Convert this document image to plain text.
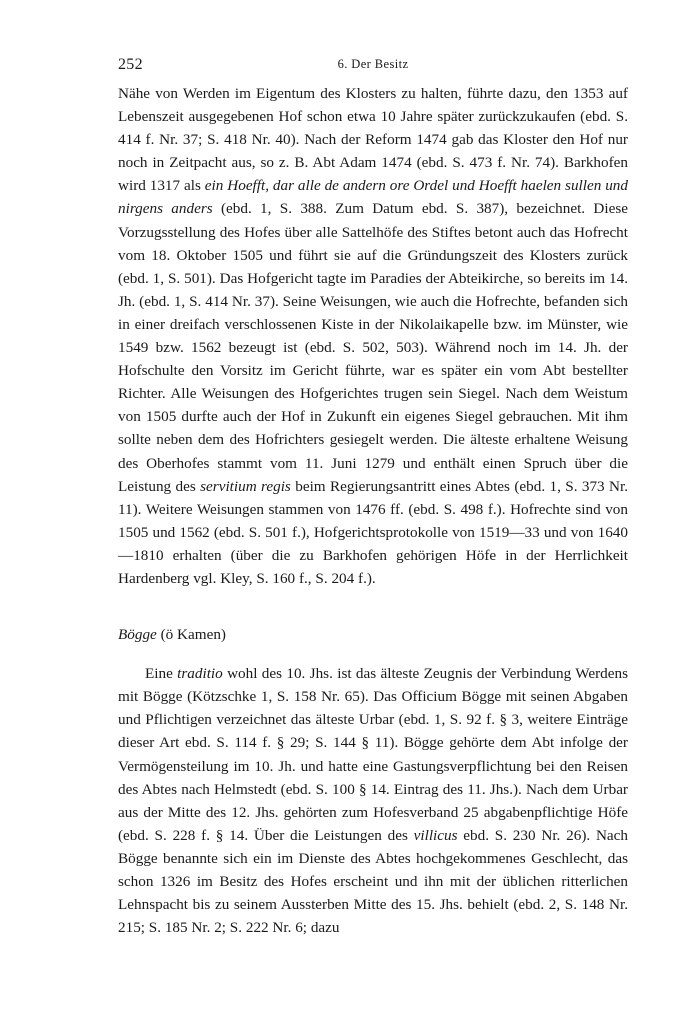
252	6. Der Besitz

Nähe von Werden im Eigentum des Klosters zu halten, führte dazu, den 1353 auf Lebenszeit ausgegebenen Hof schon etwa 10 Jahre später zurückzukaufen (ebd. S. 414 f. Nr. 37; S. 418 Nr. 40). Nach der Reform 1474 gab das Kloster den Hof nur noch in Zeitpacht aus, so z. B. Abt Adam 1474 (ebd. S. 473 f. Nr. 74). Barkhofen wird 1317 als ein Hoefft, dar alle de andern ore Ordel und Hoefft haelen sullen und nirgens anders (ebd. 1, S. 388. Zum Datum ebd. S. 387), bezeichnet. Diese Vorzugsstellung des Hofes über alle Sattelhöfe des Stiftes betont auch das Hofrecht vom 18. Oktober 1505 und führt sie auf die Gründungszeit des Klosters zurück (ebd. 1, S. 501). Das Hofgericht tagte im Paradies der Abteikirche, so bereits im 14. Jh. (ebd. 1, S. 414 Nr. 37). Seine Weisungen, wie auch die Hofrechte, befanden sich in einer dreifach verschlossenen Kiste in der Nikolaikapelle bzw. im Münster, wie 1549 bzw. 1562 bezeugt ist (ebd. S. 502, 503). Während noch im 14. Jh. der Hofschulte den Vorsitz im Gericht führte, war es später ein vom Abt bestellter Richter. Alle Weisungen des Hofgerichtes trugen sein Siegel. Nach dem Weistum von 1505 durfte auch der Hof in Zukunft ein eigenes Siegel gebrauchen. Mit ihm sollte neben dem des Hofrichters gesiegelt werden. Die älteste erhaltene Weisung des Oberhofes stammt vom 11. Juni 1279 und enthält einen Spruch über die Leistung des servitium regis beim Regierungsantritt eines Abtes (ebd. 1, S. 373 Nr. 11). Weitere Weisungen stammen von 1476 ff. (ebd. S. 498 f.). Hofrechte sind von 1505 und 1562 (ebd. S. 501 f.), Hofgerichtsprotokolle von 1519—33 und von 1640—1810 erhalten (über die zu Barkhofen gehörigen Höfe in der Herrlichkeit Hardenberg vgl. Kley, S. 160 f., S. 204 f.).

Bögge (ö Kamen)

Eine traditio wohl des 10. Jhs. ist das älteste Zeugnis der Verbindung Werdens mit Bögge (Kötzschke 1, S. 158 Nr. 65). Das Officium Bögge mit seinen Abgaben und Pflichtigen verzeichnet das älteste Urbar (ebd. 1, S. 92 f. § 3, weitere Einträge dieser Art ebd. S. 114 f. § 29; S. 144 § 11). Bögge gehörte dem Abt infolge der Vermögensteilung im 10. Jh. und hatte eine Gastungsverpflichtung bei den Reisen des Abtes nach Helmstedt (ebd. S. 100 § 14. Eintrag des 11. Jhs.). Nach dem Urbar aus der Mitte des 12. Jhs. gehörten zum Hofesverband 25 abgabenpflichtige Höfe (ebd. S. 228 f. § 14. Über die Leistungen des villicus ebd. S. 230 Nr. 26). Nach Bögge benannte sich ein im Dienste des Abtes hochgekommenes Geschlecht, das schon 1326 im Besitz des Hofes erscheint und ihn mit der üblichen ritterlichen Lehnspacht bis zu seinem Aussterben Mitte des 15. Jhs. behielt (ebd. 2, S. 148 Nr. 215; S. 185 Nr. 2; S. 222 Nr. 6; dazu
